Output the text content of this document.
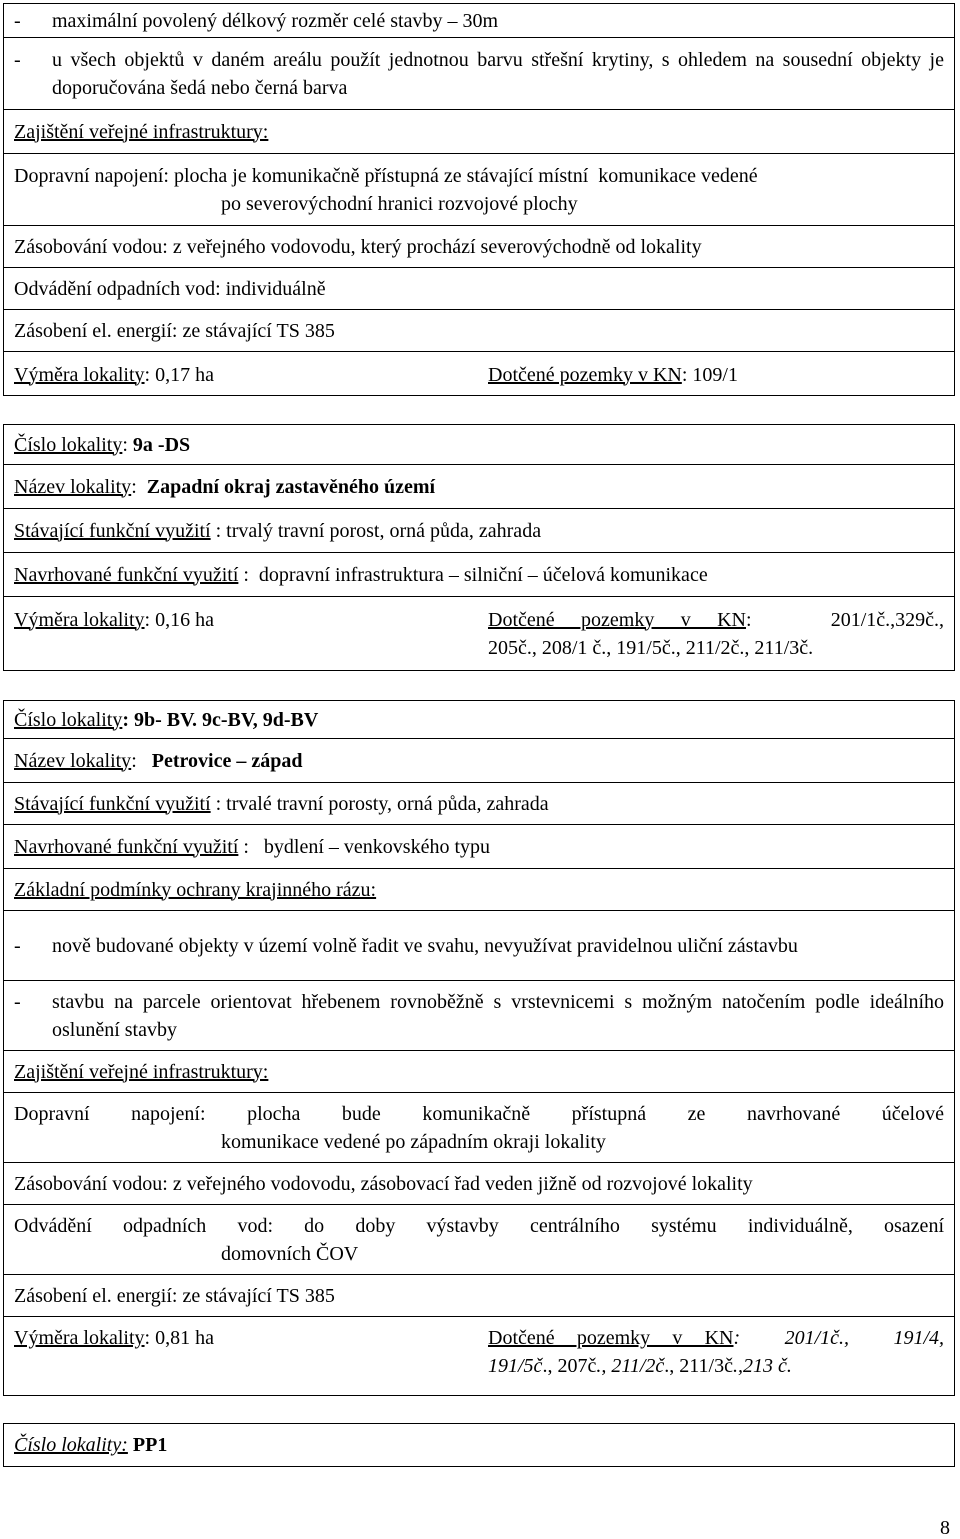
-	maximální povolený délkový rozměr celé stavby – 30m
-	u všech objektů v daném areálu použít jednotnou barvu střešní krytiny, s ohledem na sousední objekty je doporučována šedá nebo černá barva
Zajištění veřejné infrastruktury:
Dopravní napojení: plocha je komunikačně přístupná ze stávající místní  komunikace vedené
po severovýchodní hranici rozvojové plochy
Zásobování vodou: z veřejného vodovodu, který prochází severovýchodně od lokality
Odvádění odpadních vod: individuálně
Zásobení el. energií: ze stávající TS 385
Výměra lokality: 0,17 ha	Dotčené pozemky v KN: 109/1
Číslo lokality: 9a -DS
Název lokality:  Zapadní okraj zastavěného území
Stávající funkční využití : trvalý travní porost, orná půda, zahrada
Navrhované funkční využití :  dopravní infrastruktura – silniční – účelová komunikace
Výměra lokality: 0,16 ha	Dotčené pozemky v KN:   201/1č.,329č.,
205č., 208/1 č., 191/5č., 211/2č., 211/3č.
Číslo lokality: 9b- BV. 9c-BV, 9d-BV
Název lokality:   Petrovice – západ
Stávající funkční využití : trvalé travní porosty, orná půda, zahrada
Navrhované funkční využití :   bydlení – venkovského typu
Základní podmínky ochrany krajinného rázu:
-	nově budované objekty v území volně řadit ve svahu, nevyužívat pravidelnou uliční zástavbu
-	stavbu na parcele orientovat hřebenem rovnoběžně s vrstevnicemi s možným natočením podle ideálního oslunění stavby
Zajištění veřejné infrastruktury:
Dopravní napojení: plocha bude komunikačně přístupná ze navrhované účelové
komunikace vedené po západním okraji lokality
Zásobování vodou: z veřejného vodovodu, zásobovací řad veden jižně od rozvojové lokality
Odvádění odpadních vod: do doby výstavby centrálního systému individuálně, osazení
domovních ČOV
Zásobení el. energií: ze stávající TS 385
Výměra lokality: 0,81 ha	Dotčené pozemky v KN:  201/1č.,  191/4,
191/5č., 207č., 211/2č., 211/3č.,213 č.
Číslo lokality: PP1
8
